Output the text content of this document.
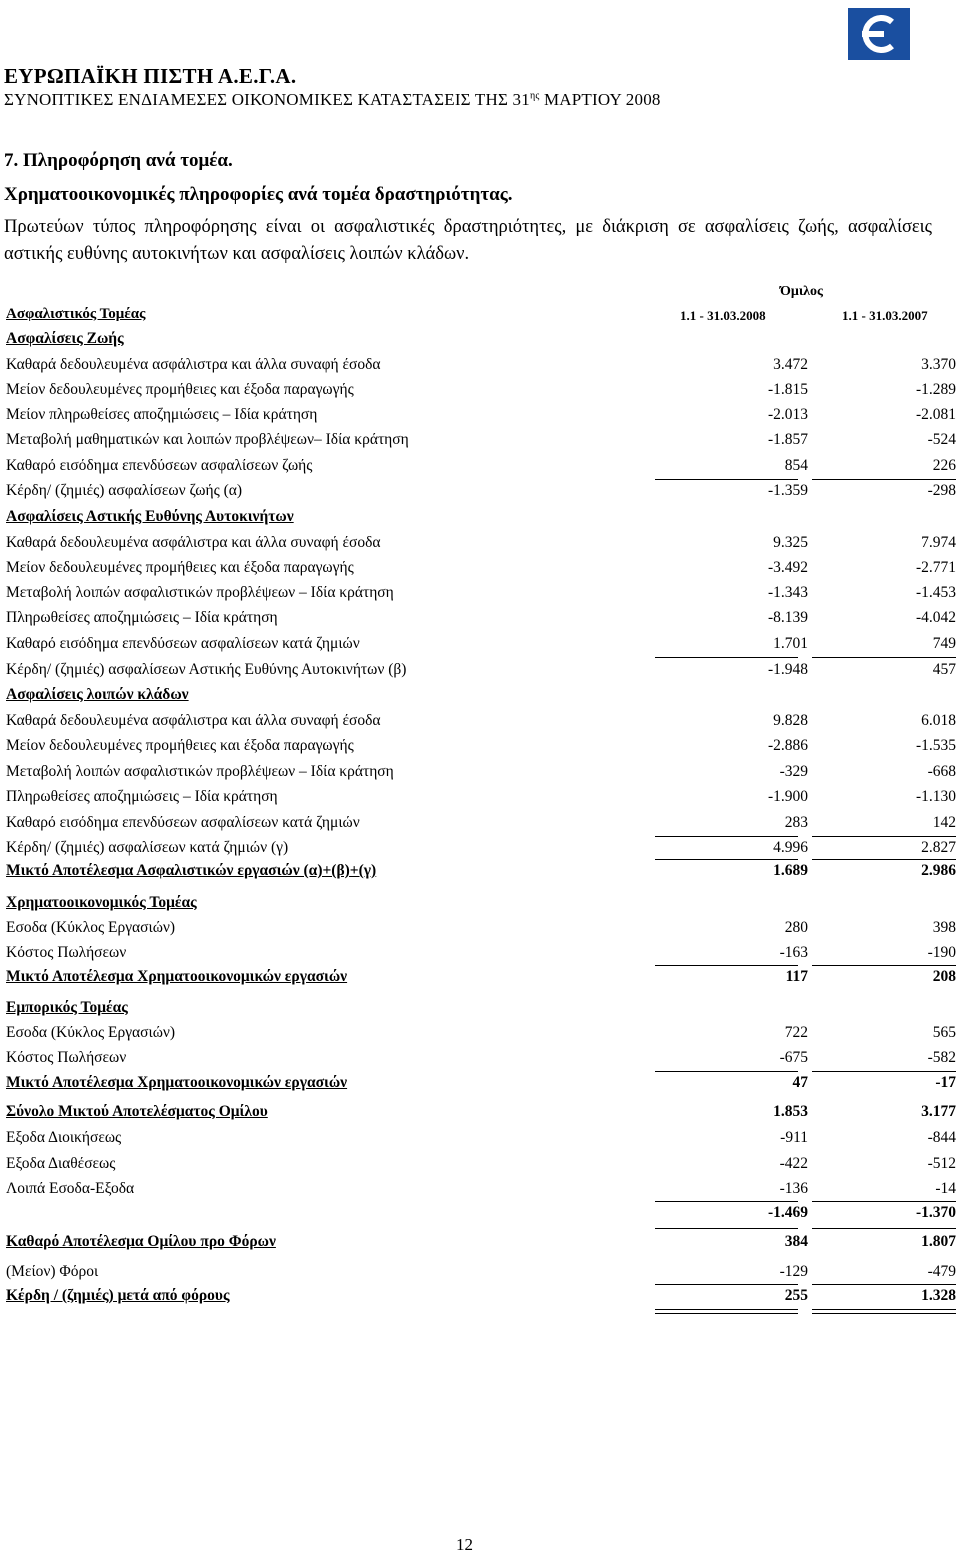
ΕΥΡΩΠΑΪΚΗ ΠΙΣΤΗ Α.Ε.Γ.Α.
ΣΥΝΟΠΤΙΚΕΣ ΕΝΔΙΑΜΕΣΕΣ ΟΙΚΟΝΟΜΙΚΕΣ ΚΑΤΑΣΤΑΣΕΙΣ ΤΗΣ $31^{\eta\varsigma}$ ΜΑΡΤΙΟΥ 2008
7. Πληροφόρηση ανά τομέα.
Χρηματοοικονομικές πληροφορίες ανά τομέα δραστηριότητας.
Πρωτεύων τύπος πληροφόρησης είναι οι ασφαλιστικές δραστηριότητες, με διάκριση σε ασφαλίσεις ζωής, ασφαλίσεις αστικής ευθύνης αυτοκινήτων και ασφαλίσεις λοιπών κλάδων.
Όμιλος
Ασφαλιστικός Τομέας	1.1 - 31.03.2008	1.1 - 31.03.2007
Ασφαλίσεις Ζωής
Καθαρά δεδουλευμένα ασφάλιστρα και άλλα συναφή έσοδα	3.472	3.370
Μείον δεδουλευμένες προμήθειες και έξοδα παραγωγής	-1.815	-1.289
Μείον πληρωθείσες αποζημιώσεις – Ιδία κράτηση	-2.013	-2.081
Μεταβολή μαθηματικών και λοιπών προβλέψεων– Ιδία κράτηση	-1.857	-524
Καθαρό εισόδημα επενδύσεων ασφαλίσεων ζωής	854	226
Κέρδη/ (ζημιές) ασφαλίσεων ζωής (α)	-1.359	-298
Ασφαλίσεις Αστικής Ευθύνης Αυτοκινήτων
Καθαρά δεδουλευμένα ασφάλιστρα και άλλα συναφή έσοδα	9.325	7.974
Μείον δεδουλευμένες προμήθειες και έξοδα παραγωγής	-3.492	-2.771
Μεταβολή λοιπών ασφαλιστικών προβλέψεων – Ιδία κράτηση	-1.343	-1.453
Πληρωθείσες αποζημιώσεις – Ιδία κράτηση	-8.139	-4.042
Καθαρό εισόδημα επενδύσεων ασφαλίσεων κατά ζημιών	1.701	749
Κέρδη/ (ζημιές) ασφαλίσεων Αστικής Ευθύνης Αυτοκινήτων (β)	-1.948	457
Ασφαλίσεις λοιπών κλάδων
Καθαρά δεδουλευμένα ασφάλιστρα και άλλα συναφή έσοδα	9.828	6.018
Μείον δεδουλευμένες προμήθειες και έξοδα παραγωγής	-2.886	-1.535
Μεταβολή λοιπών ασφαλιστικών προβλέψεων – Ιδία κράτηση	-329	-668
Πληρωθείσες αποζημιώσεις – Ιδία κράτηση	-1.900	-1.130
Καθαρό εισόδημα επενδύσεων ασφαλίσεων κατά ζημιών	283	142
Κέρδη/ (ζημιές) ασφαλίσεων κατά ζημιών (γ)	4.996	2.827
Μικτό Αποτέλεσμα Ασφαλιστικών εργασιών (α)+(β)+(γ)	1.689	2.986
Χρηματοοικονομικός Τομέας
Εσοδα (Κύκλος Εργασιών)	280	398
Κόστος Πωλήσεων	-163	-190
Μικτό Αποτέλεσμα Χρηματοοικονομικών εργασιών	117	208
Εμπορικός Τομέας
Εσοδα (Κύκλος Εργασιών)	722	565
Κόστος Πωλήσεων	-675	-582
Μικτό Αποτέλεσμα Χρηματοοικονομικών εργασιών	47	-17
Σύνολο Μικτού Αποτελέσματος Ομίλου	1.853	3.177
Εξοδα Διοικήσεως	-911	-844
Εξοδα Διαθέσεως	-422	-512
Λοιπά Εσοδα-Εξοδα	-136	-14
-1.469	-1.370
Καθαρό Αποτέλεσμα Ομίλου προ Φόρων	384	1.807
(Μείον) Φόροι	-129	-479
Κέρδη / (ζημιές) μετά από φόρους	255	1.328
12
